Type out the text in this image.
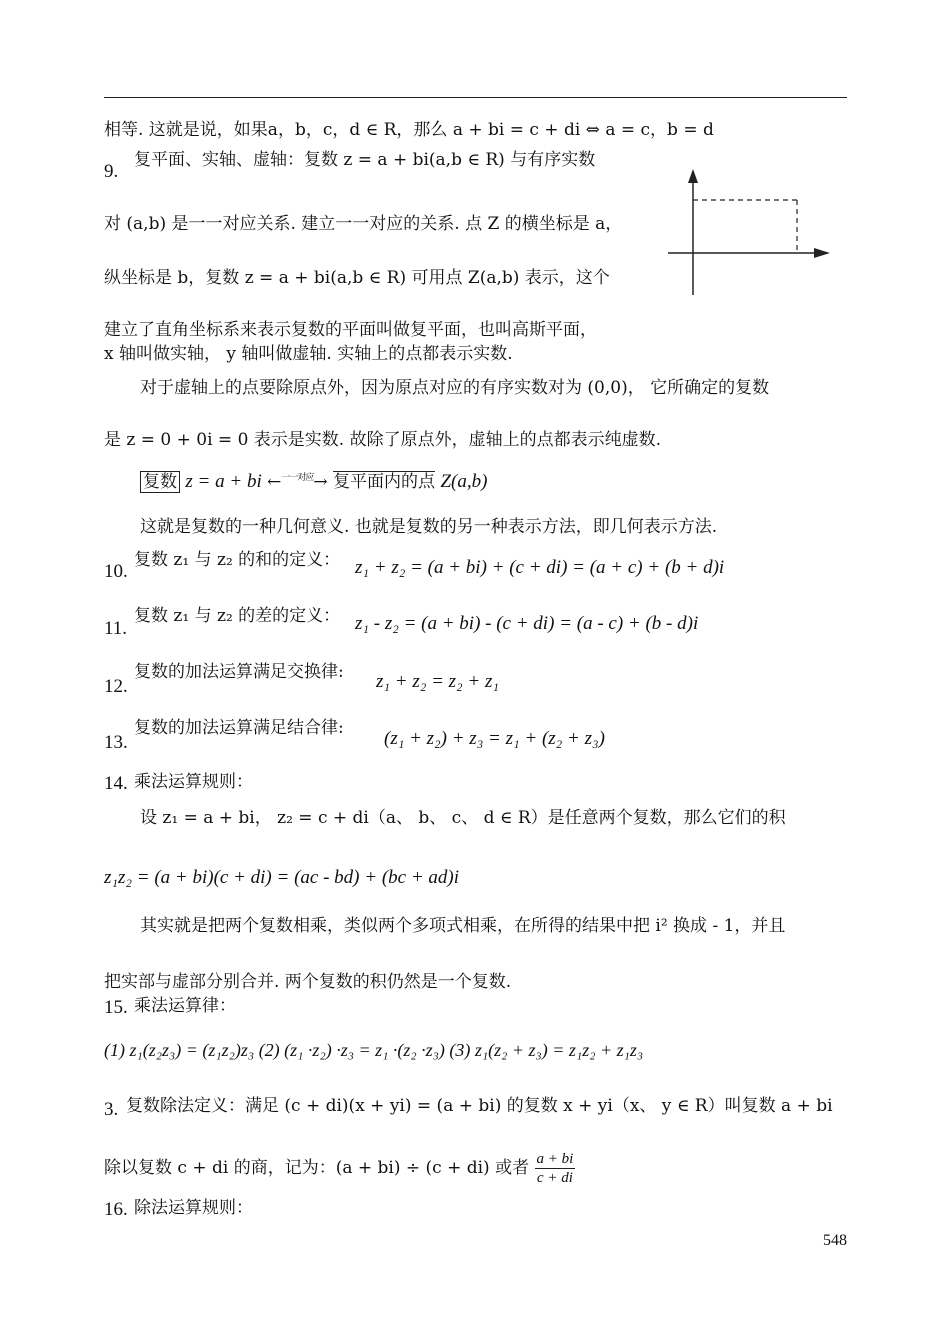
相等. 这就是说，如果a，b，c，d ∈ R，那么 a + bi = c + di ⇔ a = c，b = d
9.
复平面、实轴、虚轴：复数 z = a + bi(a,b ∈ R) 与有序实数
对 (a,b) 是一一对应关系. 建立一一对应的关系. 点 Z 的横坐标是 a，
纵坐标是 b，复数 z = a + bi(a,b ∈ R) 可用点 Z(a,b) 表示，这个
建立了直角坐标系来表示复数的平面叫做复平面，也叫高斯平面，
x 轴叫做实轴， y 轴叫做虚轴. 实轴上的点都表示实数.
对于虚轴上的点要除原点外，因为原点对应的有序实数对为 (0,0)， 它所确定的复数
是 z = 0 + 0i = 0 表示是实数. 故除了原点外，虚轴上的点都表示纯虚数.
复数 z = a + bi ←$^{一一对应}$→ 复平面内的点 Z(a,b)
这就是复数的一种几何意义. 也就是复数的另一种表示方法，即几何表示方法.
10.
复数 z₁ 与 z₂ 的和的定义： z₁ + z₂ = (a + bi) + (c + di) = (a + c) + (b + d)i
11.
复数 z₁ 与 z₂ 的差的定义： z₁ - z₂ = (a + bi) - (c + di) = (a - c) + (b - d)i
12.
复数的加法运算满足交换律: z₁ + z₂ = z₂ + z₁
13.
复数的加法运算满足结合律: (z₁ + z₂) + z₃ = z₁ + (z₂ + z₃)
14. 乘法运算规则：
设 z₁ = a + bi， z₂ = c + di（a、 b、 c、 d ∈ R）是任意两个复数，那么它们的积
z₁z₂ = (a + bi)(c + di) = (ac - bd) + (bc + ad)i
其实就是把两个复数相乘，类似两个多项式相乘，在所得的结果中把 i² 换成 - 1，并且
把实部与虚部分别合并. 两个复数的积仍然是一个复数.
15. 乘法运算律：
(1) z₁(z₂z₃) = (z₁z₂)z₃ (2) (z₁ ·z₂) ·z₃ = z₁ ·(z₂ ·z₃) (3) z₁(z₂ + z₃) = z₁z₂ + z₁z₃
3. 复数除法定义：满足 (c + di)(x + yi) = (a + bi) 的复数 x + yi（x、 y ∈ R）叫复数 a + bi
除以复数 c + di 的商，记为：(a + bi) ÷ (c + di) 或者 $\frac{a + bi}{c + di}$
16. 除法运算规则：
548
